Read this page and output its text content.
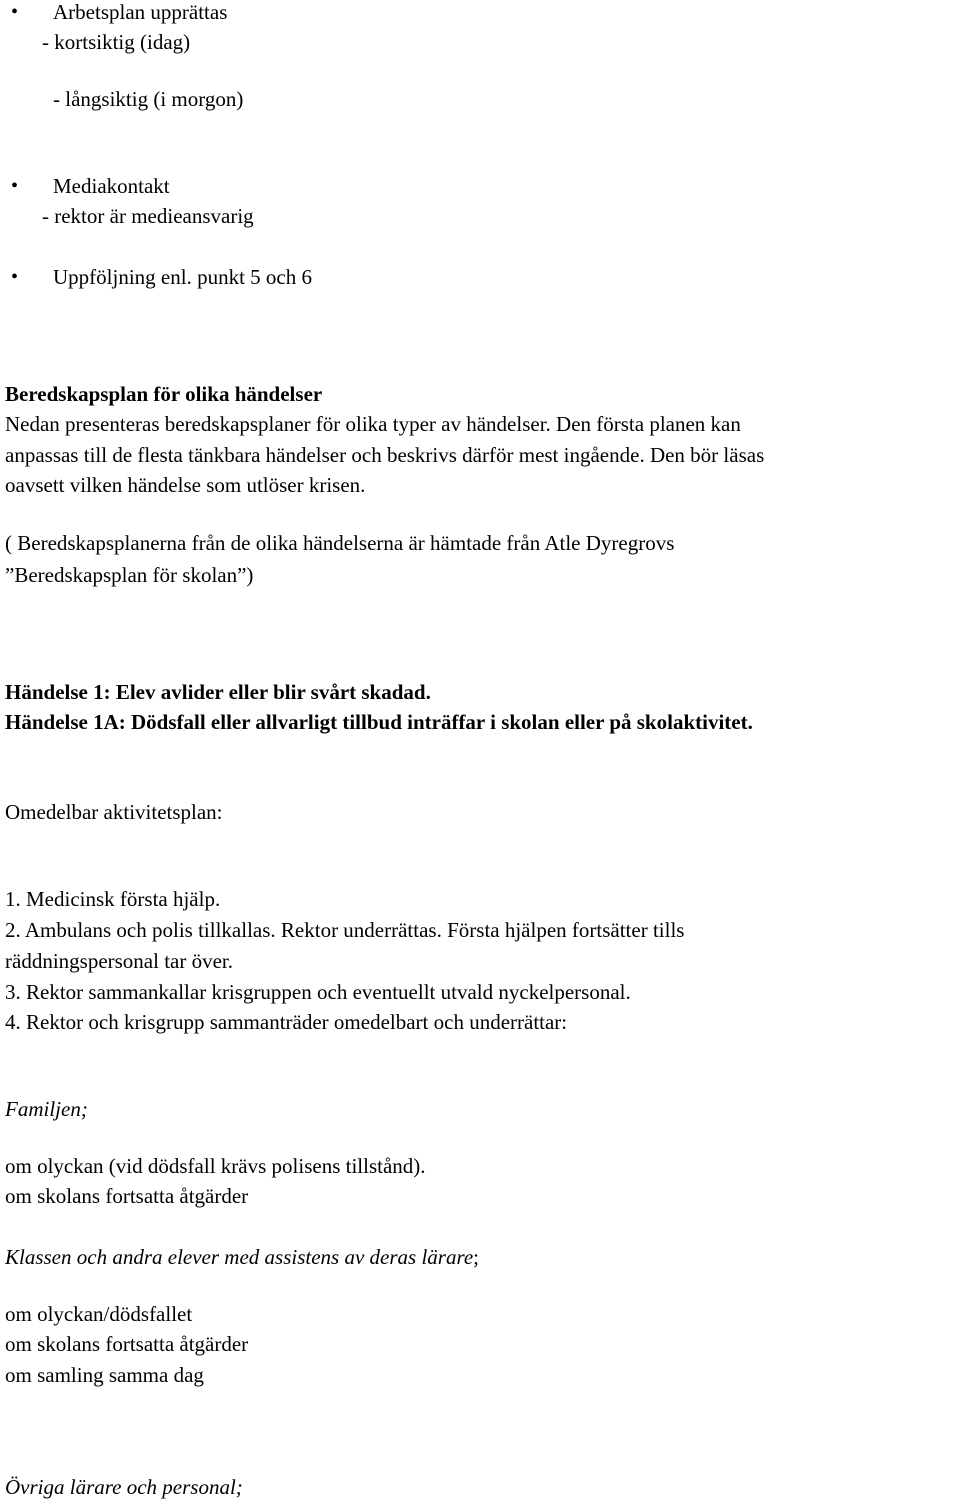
• Arbetsplan upprättas
- kortsiktig (idag)
- långsiktig (i morgon)
• Mediakontakt
- rektor är medieansvarig
• Uppföljning enl. punkt 5 och 6
Beredskapsplan för olika händelser
Nedan presenteras beredskapsplaner för olika typer av händelser. Den första planen kan
anpassas till de flesta tänkbara händelser och beskrivs därför mest ingående. Den bör läsas
oavsett vilken händelse som utlöser krisen.
( Beredskapsplanerna från de olika händelserna är hämtade från Atle Dyregrovs
”Beredskapsplan för skolan”)
Händelse 1: Elev avlider eller blir svårt skadad.
Händelse 1A: Dödsfall eller allvarligt tillbud inträffar i skolan eller på skolaktivitet.
Omedelbar aktivitetsplan:
1. Medicinsk första hjälp.
2. Ambulans och polis tillkallas. Rektor underrättas. Första hjälpen fortsätter tills
räddningspersonal tar över.
3. Rektor sammankallar krisgruppen och eventuellt utvald nyckelpersonal.
4. Rektor och krisgrupp sammanträder omedelbart och underrättar:
Familjen;
om olyckan (vid dödsfall krävs polisens tillstånd).
om skolans fortsatta åtgärder
Klassen och andra elever med assistens av deras lärare;
om olyckan/dödsfallet
om skolans fortsatta åtgärder
om samling samma dag
Övriga lärare och personal;
